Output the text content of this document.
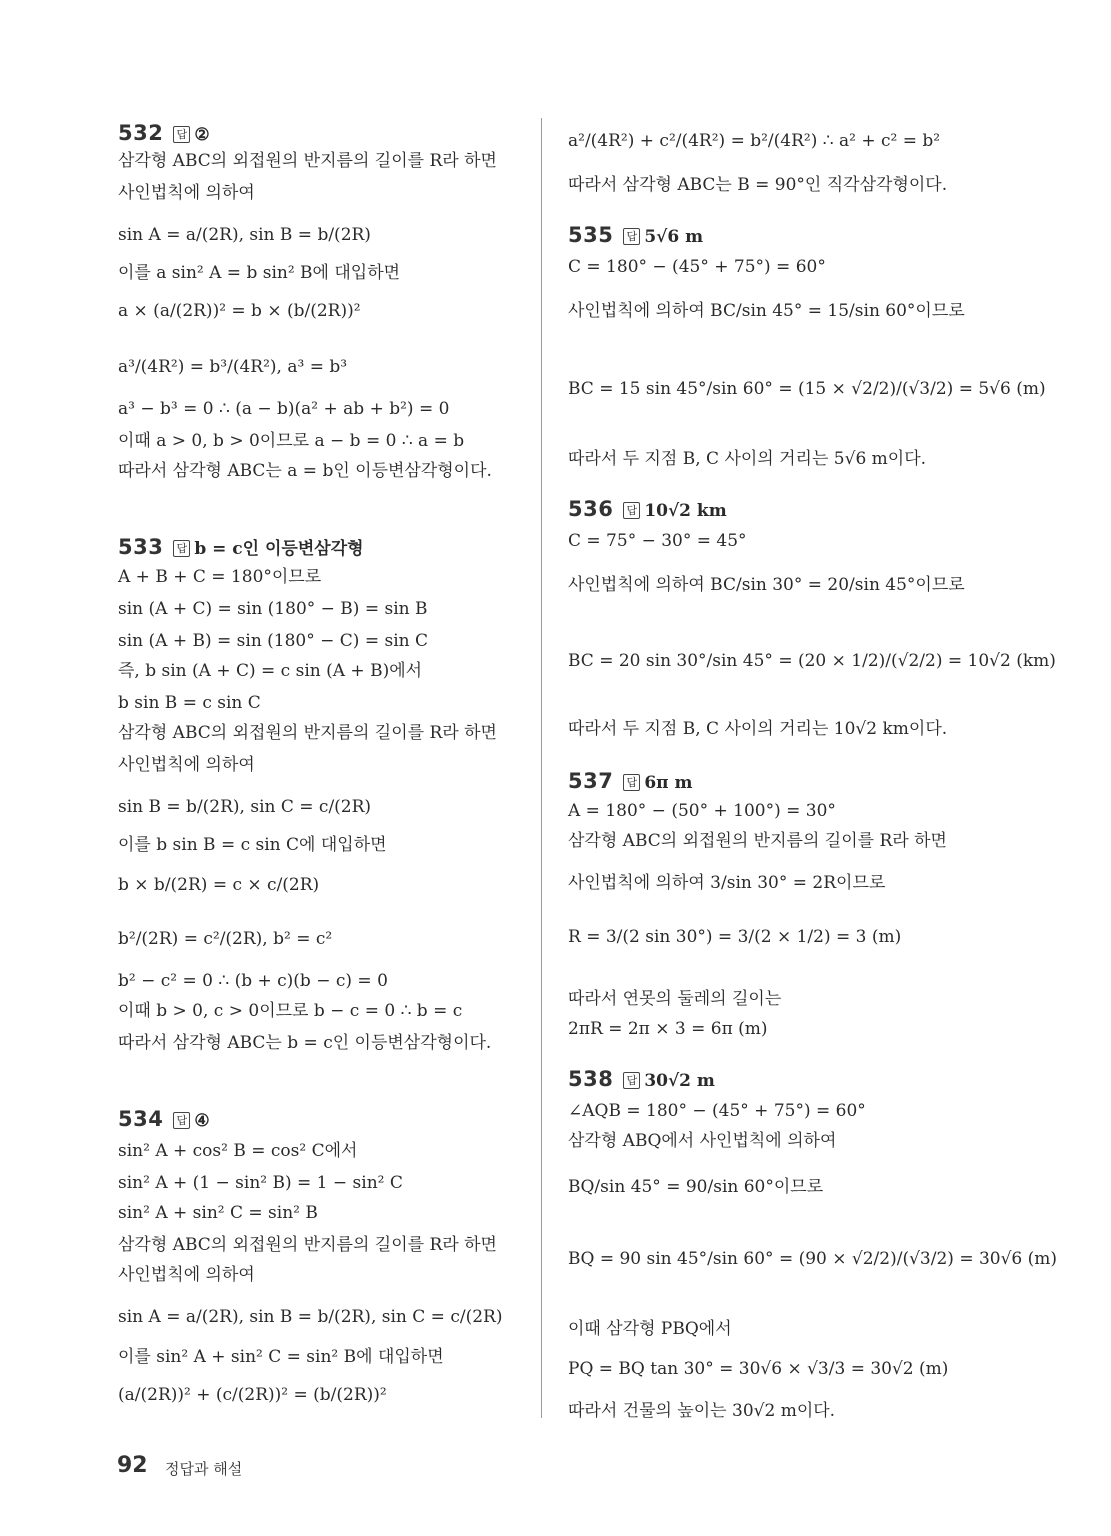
532 답 ②
삼각형 ABC의 외접원의 반지름의 길이를 R라 하면
사인법칙에 의하여
sin A = a/(2R), sin B = b/(2R)
이를 a sin² A = b sin² B에 대입하면
a × (a/(2R))² = b × (b/(2R))²
a³/(4R²) = b³/(4R²), a³ = b³
a³ − b³ = 0 ∴ (a − b)(a² + ab + b²) = 0
이때 a > 0, b > 0이므로 a − b = 0 ∴ a = b
따라서 삼각형 ABC는 a = b인 이등변삼각형이다.
533 답 b = c인 이등변삼각형
A + B + C = 180°이므로
sin (A + C) = sin (180° − B) = sin B
sin (A + B) = sin (180° − C) = sin C
즉, b sin (A + C) = c sin (A + B)에서
b sin B = c sin C
삼각형 ABC의 외접원의 반지름의 길이를 R라 하면
사인법칙에 의하여
sin B = b/(2R), sin C = c/(2R)
이를 b sin B = c sin C에 대입하면
b × b/(2R) = c × c/(2R)
b²/(2R) = c²/(2R), b² = c²
b² − c² = 0 ∴ (b + c)(b − c) = 0
이때 b > 0, c > 0이므로 b − c = 0 ∴ b = c
따라서 삼각형 ABC는 b = c인 이등변삼각형이다.
534 답 ④
sin² A + cos² B = cos² C에서
sin² A + (1 − sin² B) = 1 − sin² C
sin² A + sin² C = sin² B
삼각형 ABC의 외접원의 반지름의 길이를 R라 하면
사인법칙에 의하여
sin A = a/(2R), sin B = b/(2R), sin C = c/(2R)
이를 sin² A + sin² C = sin² B에 대입하면
(a/(2R))² + (c/(2R))² = (b/(2R))²
a²/(4R²) + c²/(4R²) = b²/(4R²) ∴ a² + c² = b²
따라서 삼각형 ABC는 B = 90°인 직각삼각형이다.
535 답 5√6 m
C = 180° − (45° + 75°) = 60°
사인법칙에 의하여 BC/sin 45° = 15/sin 60°이므로
BC = 15 sin 45°/sin 60° = (15 × √2/2)/(√3/2) = 5√6 (m)
따라서 두 지점 B, C 사이의 거리는 5√6 m이다.
536 답 10√2 km
C = 75° − 30° = 45°
사인법칙에 의하여 BC/sin 30° = 20/sin 45°이므로
BC = 20 sin 30°/sin 45° = (20 × 1/2)/(√2/2) = 10√2 (km)
따라서 두 지점 B, C 사이의 거리는 10√2 km이다.
537 답 6π m
A = 180° − (50° + 100°) = 30°
삼각형 ABC의 외접원의 반지름의 길이를 R라 하면
사인법칙에 의하여 3/sin 30° = 2R이므로
R = 3/(2 sin 30°) = 3/(2 × 1/2) = 3 (m)
따라서 연못의 둘레의 길이는
2πR = 2π × 3 = 6π (m)
538 답 30√2 m
∠AQB = 180° − (45° + 75°) = 60°
삼각형 ABQ에서 사인법칙에 의하여
BQ/sin 45° = 90/sin 60°이므로
BQ = 90 sin 45°/sin 60° = (90 × √2/2)/(√3/2) = 30√6 (m)
이때 삼각형 PBQ에서
PQ = BQ tan 30° = 30√6 × √3/3 = 30√2 (m)
따라서 건물의 높이는 30√2 m이다.
92 정답과 해설
